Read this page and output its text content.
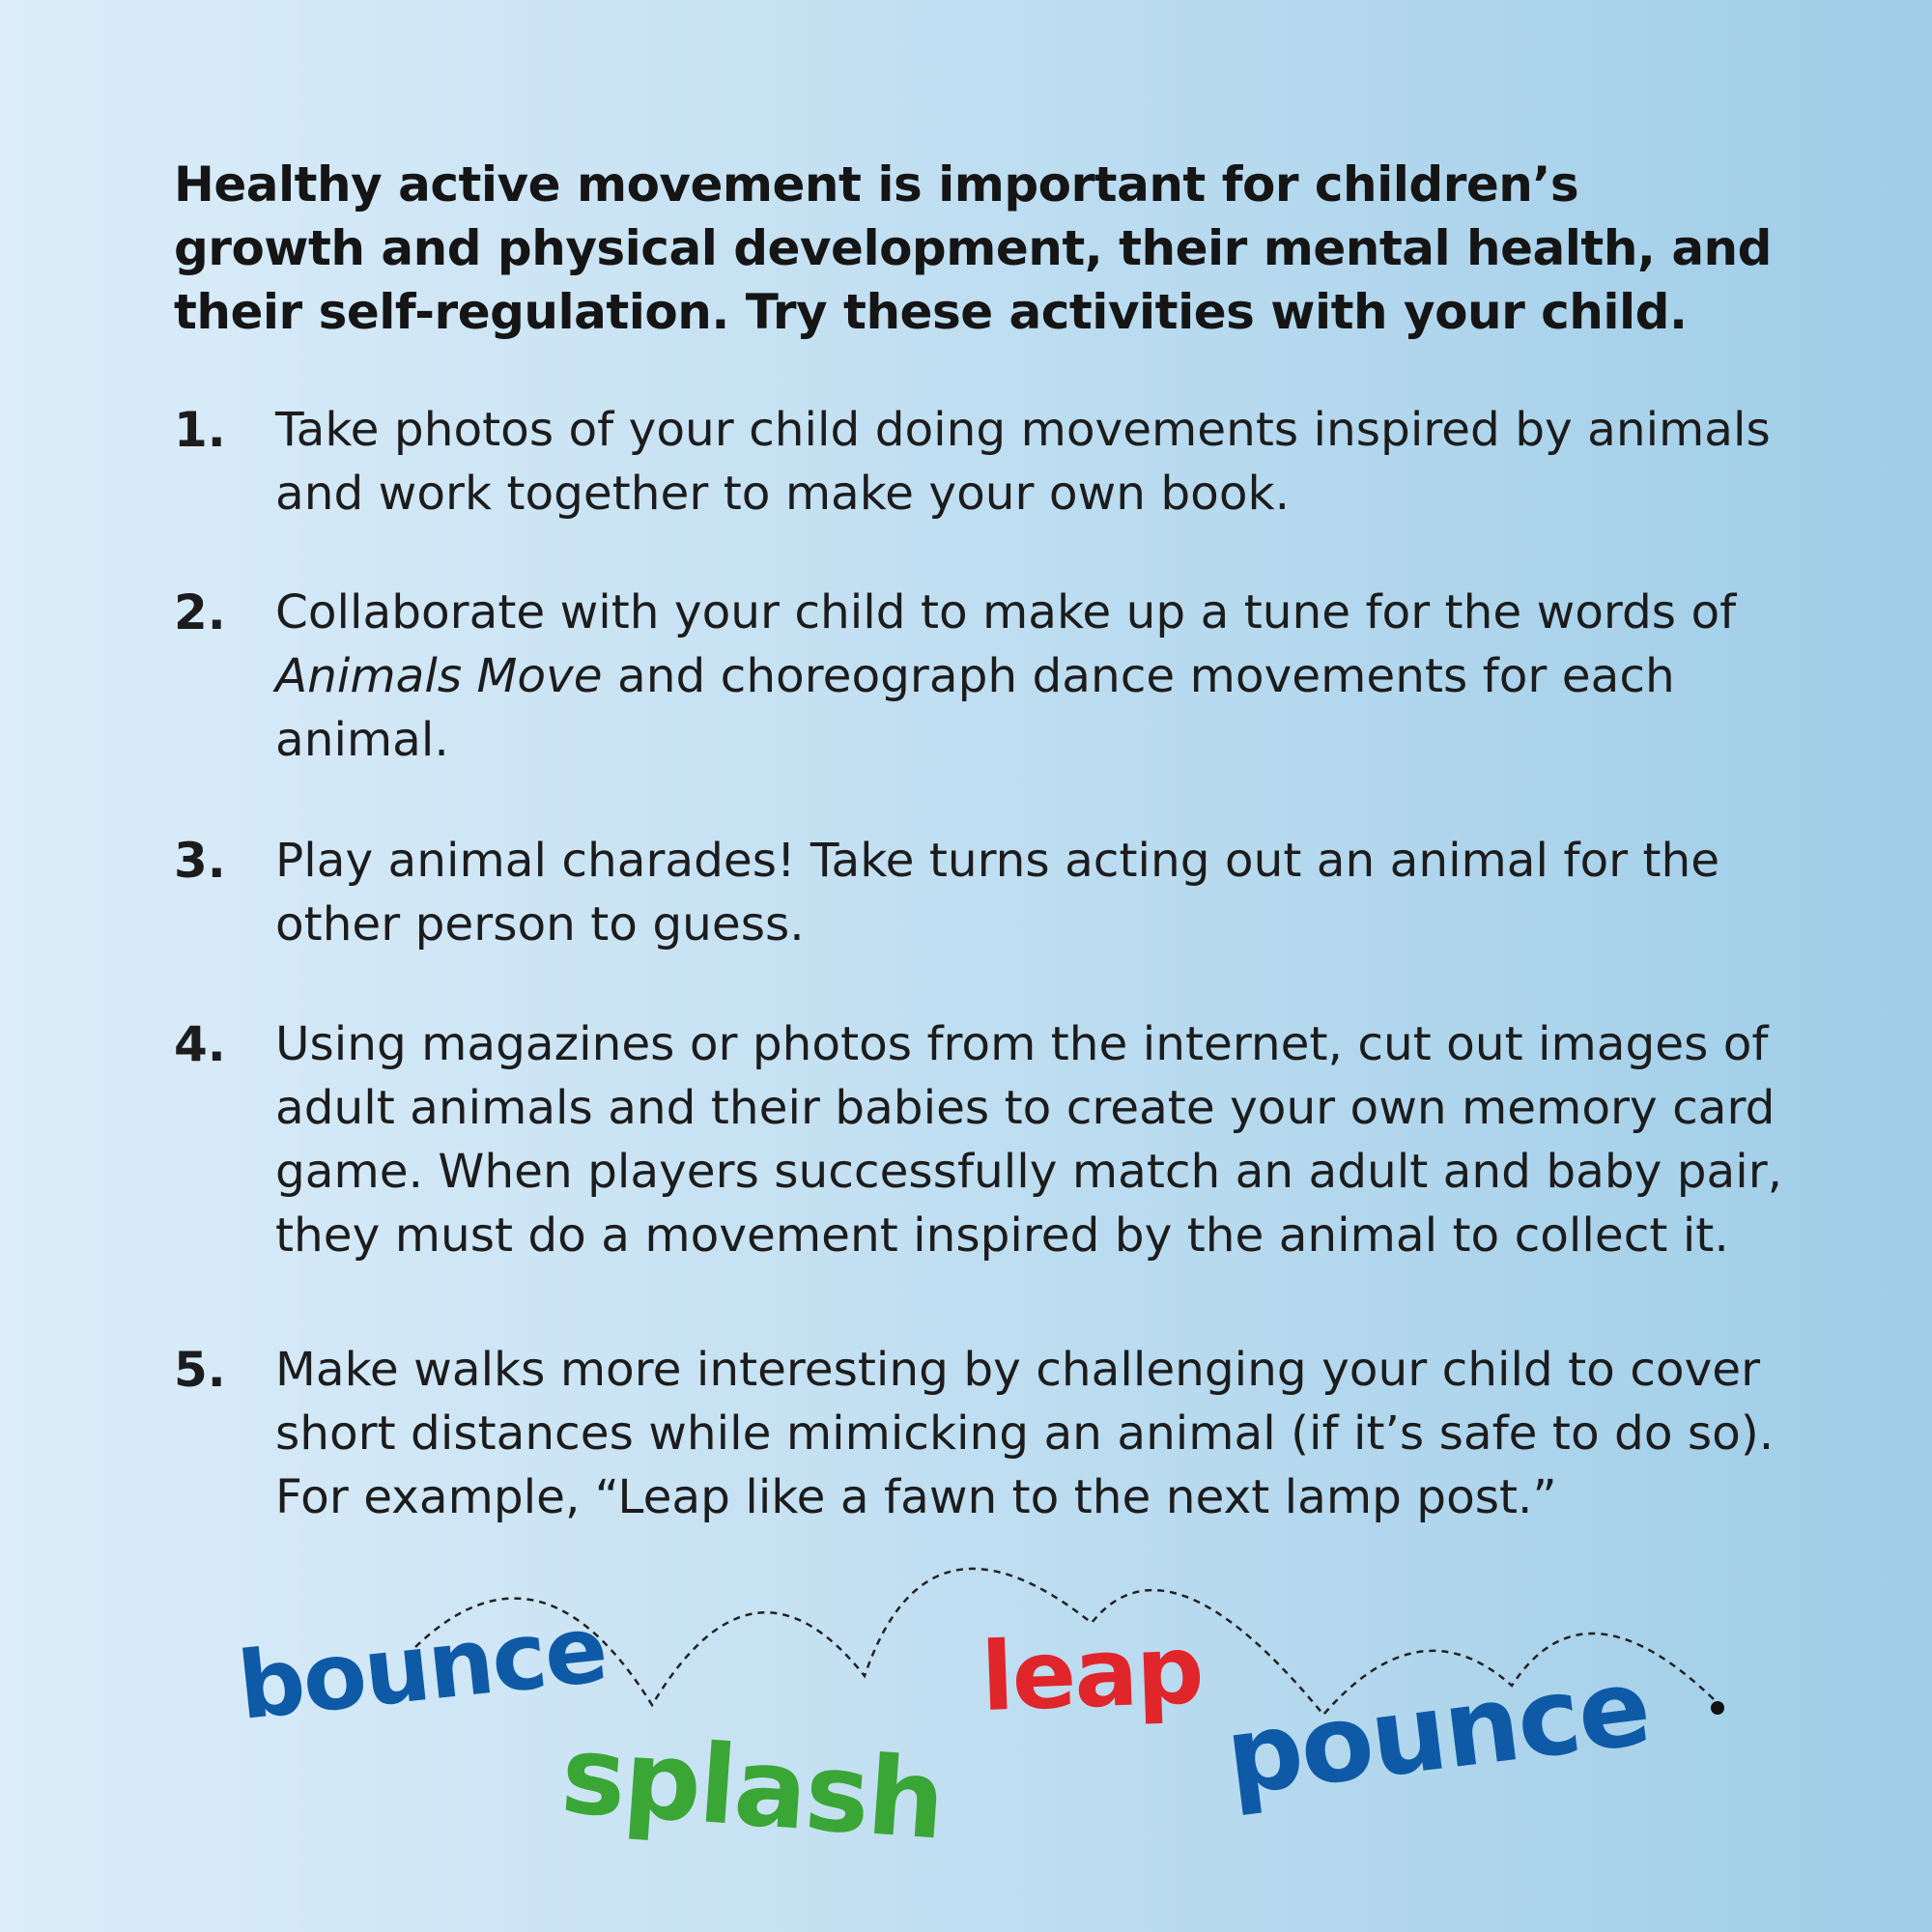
Healthy active movement is important for children’s growth and physical development, their mental health, and their self-regulation. Try these activities with your child.

1. Take photos of your child doing movements inspired by animals and work together to make your own book.
2. Collaborate with your child to make up a tune for the words of Animals Move and choreograph dance movements for each animal.
3. Play animal charades! Take turns acting out an animal for the other person to guess.
4. Using magazines or photos from the internet, cut out images of adult animals and their babies to create your own memory card game. When players successfully match an adult and baby pair, they must do a movement inspired by the animal to collect it.
5. Make walks more interesting by challenging your child to cover short distances while mimicking an animal (if it’s safe to do so). For example, “Leap like a fawn to the next lamp post.”
bounce
splash
leap pounce
